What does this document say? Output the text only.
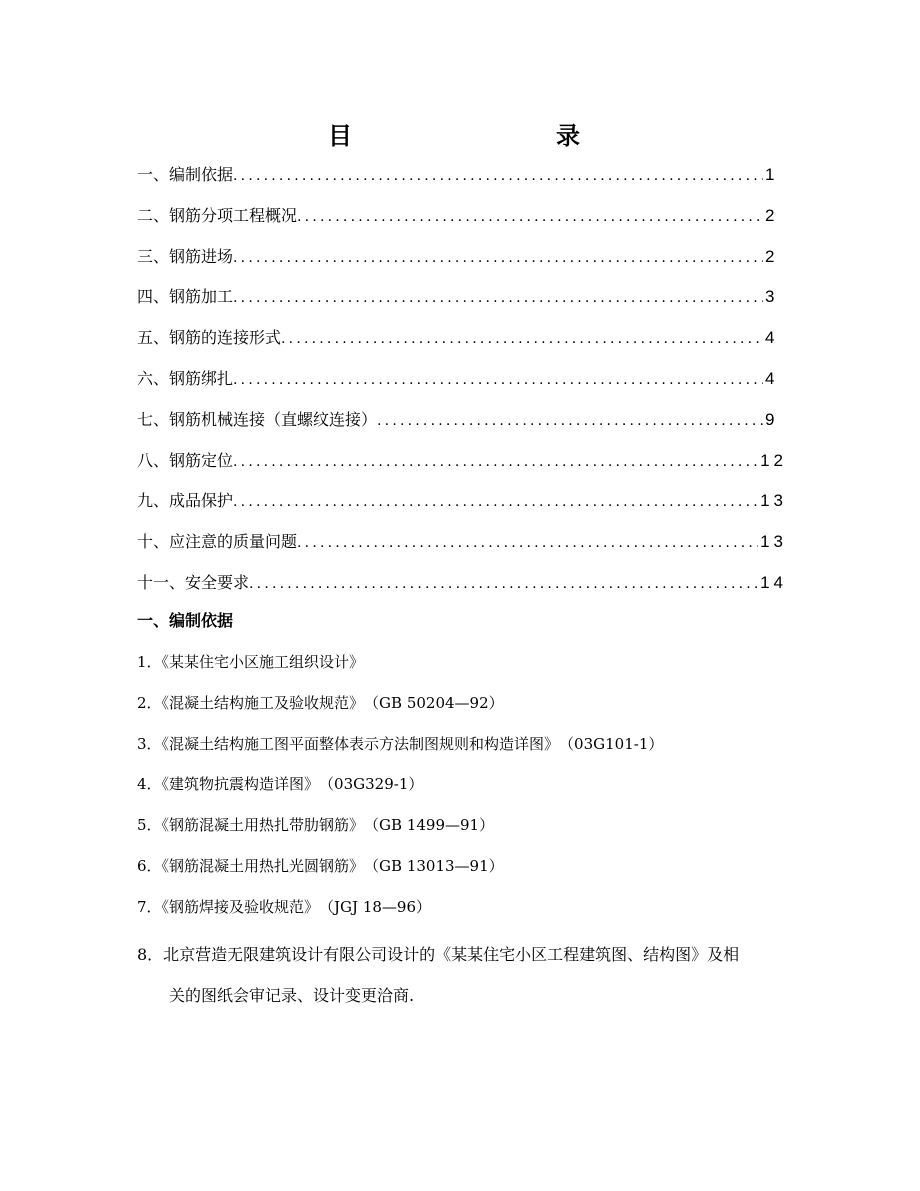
目　　录
一、编制依据 .....	1
二、钢筋分项工程概况 .....	2
三、钢筋进场 .....	2
四、钢筋加工 .....	3
五、钢筋的连接形式 .....	4
六、钢筋绑扎 .....	4
七、钢筋机械连接（直螺纹连接） .....	9
八、钢筋定位 .....	12
九、成品保护 .....	13
十、应注意的质量问题 .....	13
十一、安全要求 .....	14
一、编制依据
1．《某某住宅小区施工组织设计》
2．《混凝土结构施工及验收规范》　（GB 50204—92）
3．《混凝土结构施工图平面整体表示方法制图规则和构造详图》　（03G101-1）
4．《建筑物抗震构造详图》　（03G329-1）
5．《钢筋混凝土用热扎带肋钢筋》　（GB 1499—91）
6．《钢筋混凝土用热扎光圆钢筋》　（GB 13013—91）
7．《钢筋焊接及验收规范》　（JGJ 18—96）
8．北京营造无限建筑设计有限公司设计的《某某住宅小区工程建筑图、结构图》及相
关的图纸会审记录、设计变更洽商.
